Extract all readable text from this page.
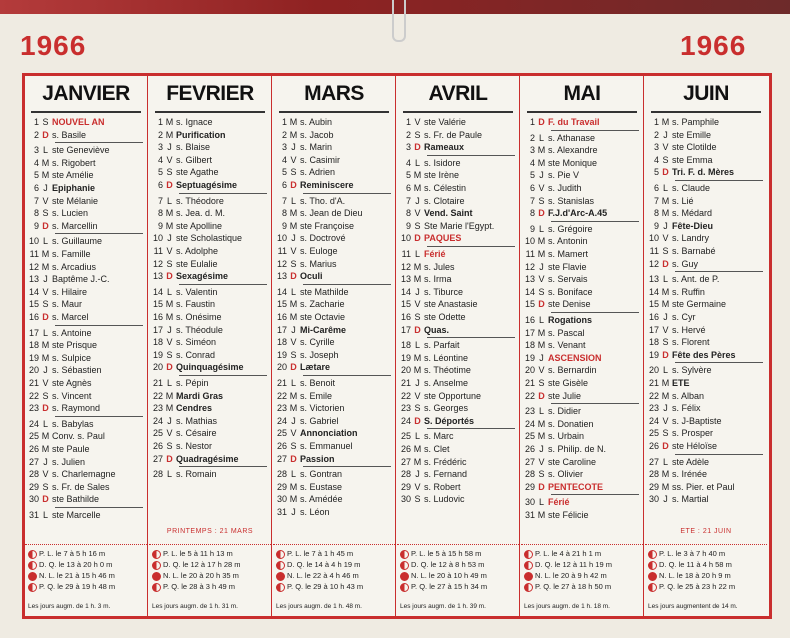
1966	1966
JANVIER
1 S NOUVEL AN
2 D s. Basile
3 L ste Geneviève
4 M s. Rigobert
5 M ste Amélie
6 J Epiphanie
7 V ste Mélanie
8 S s. Lucien
9 D s. Marcellin
10 L s. Guillaume
11 M s. Famille
12 M s. Arcadius
13 J Baptême J.-C.
14 V s. Hilaire
15 S s. Maur
16 D s. Marcel
17 L s. Antoine
18 M ste Prisque
19 M s. Sulpice
20 J s. Sébastien
21 V ste Agnès
22 S s. Vincent
23 D s. Raymond
24 L s. Babylas
25 M Conv. s. Paul
26 M ste Paule
27 J s. Julien
28 V s. Charlemagne
29 S s. Fr. de Sales
30 D ste Bathilde
31 L ste Marcelle
P. L. le 7 à 5 h 16 m
D. Q. le 13 à 20 h 0 m
N. L. le 21 à 15 h 46 m
P. Q. le 29 à 19 h 48 m
Les jours augm. de 1 h. 3 m.
FEVRIER
1 M s. Ignace
2 M Purification
3 J s. Blaise
4 V s. Gilbert
5 S ste Agathe
6 D Septuagésime
7 L s. Théodore
8 M s. Jea. d. M.
9 M ste Apolline
10 J ste Scholastique
11 V s. Adolphe
12 S ste Eulalie
13 D Sexagésime
14 L s. Valentin
15 M s. Faustin
16 M s. Onésime
17 J s. Théodule
18 V s. Siméon
19 S s. Conrad
20 D Quinquagésime
21 L s. Pépin
22 M Mardi Gras
23 M Cendres
24 J s. Mathias
25 V s. Césaire
26 S s. Nestor
27 D Quadragésime
28 L s. Romain
PRINTEMPS : 21 MARS
P. L. le 5 à 11 h 13 m
D. Q. le 12 à 17 h 28 m
N. L. le 20 à 20 h 35 m
P. Q. le 28 à 3 h 49 m
Les jours augm. de 1 h. 31 m.
MARS
1 M s. Aubin
2 M s. Jacob
3 J s. Marin
4 V s. Casimir
5 S s. Adrien
6 D Reminiscere
7 L s. Tho. d'A.
8 M s. Jean de Dieu
9 M ste Françoise
10 J s. Doctrové
11 V s. Euloge
12 S s. Marius
13 D Oculi
14 L ste Mathilde
15 M s. Zacharie
16 M ste Octavie
17 J Mi-Carême
18 V s. Cyrille
19 S s. Joseph
20 D Lætare
21 L s. Benoit
22 M s. Emile
23 M s. Victorien
24 J s. Gabriel
25 V Annonciation
26 S s. Emmanuel
27 D Passion
28 L s. Gontran
29 M s. Eustase
30 M s. Amédée
31 J s. Léon
P. L. le 7 à 1 h 45 m
D. Q. le 14 à 4 h 19 m
N. L. le 22 à 4 h 46 m
P. Q. le 29 à 10 h 43 m
Les jours augm. de 1 h. 48 m.
AVRIL
1 V ste Valérie
2 S s. Fr. de Paule
3 D Rameaux
4 L s. Isidore
5 M ste Irène
6 M s. Célestin
7 J s. Clotaire
8 V Vend. Saint
9 S Ste Marie l'Egypt.
10 D PAQUES
11 L Férié
12 M s. Jules
13 M s. Irma
14 J s. Tiburce
15 V ste Anastasie
16 S ste Odette
17 D Quas.
18 L s. Parfait
19 M s. Léontine
20 M s. Théotime
21 J s. Anselme
22 V ste Opportune
23 S s. Georges
24 D S. Déportés
25 L s. Marc
26 M s. Clet
27 M s. Frédéric
28 J s. Fernand
29 V s. Robert
30 S s. Ludovic
P. L. le 5 à 15 h 58 m
D. Q. le 12 à 8 h 53 m
N. L. le 20 à 10 h 49 m
P. Q. le 27 à 15 h 34 m
Les jours augm. de 1 h. 39 m.
MAI
1 D F. du Travail
2 L s. Athanase
3 M s. Alexandre
4 M ste Monique
5 J s. Pie V
6 V s. Judith
7 S s. Stanislas
8 D F.J.d'Arc-A.45
9 L s. Grégoire
10 M s. Antonin
11 M s. Mamert
12 J ste Flavie
13 V s. Servais
14 S s. Boniface
15 D ste Denise
16 L Rogations
17 M s. Pascal
18 M s. Venant
19 J ASCENSION
20 V s. Bernardin
21 S ste Gisèle
22 D ste Julie
23 L s. Didier
24 M s. Donatien
25 M s. Urbain
26 J s. Philip. de N.
27 V ste Caroline
28 S s. Olivier
29 D PENTECOTE
30 L Férié
31 M ste Félicie
P. L. le 4 à 21 h 1 m
D. Q. le 12 à 11 h 19 m
N. L. le 20 à 9 h 42 m
P. Q. le 27 à 18 h 50 m
Les jours augm. de 1 h. 18 m.
JUIN
1 M s. Pamphile
2 J ste Emille
3 V ste Clotilde
4 S ste Emma
5 D Tri. F. d. Mères
6 L s. Claude
7 M s. Lié
8 M s. Médard
9 J Fête-Dieu
10 V s. Landry
11 S s. Barnabé
12 D s. Guy
13 L s. Ant. de P.
14 M s. Ruffin
15 M ste Germaine
16 J s. Cyr
17 V s. Hervé
18 S s. Florent
19 D Fête des Pères
20 L s. Sylvère
21 M ETE
22 M s. Alban
23 J s. Félix
24 V s. J-Baptiste
25 S s. Prosper
26 D ste Héloïse
27 L ste Adèle
28 M s. Irénée
29 M ss. Pier. et Paul
30 J s. Martial
ETE : 21 JUIN
P. L. le 3 à 7 h 40 m
D. Q. le 11 à 4 h 58 m
N. L. le 18 à 20 h 9 m
P. Q. le 25 à 23 h 22 m
Les jours augmentent de 14 m.
